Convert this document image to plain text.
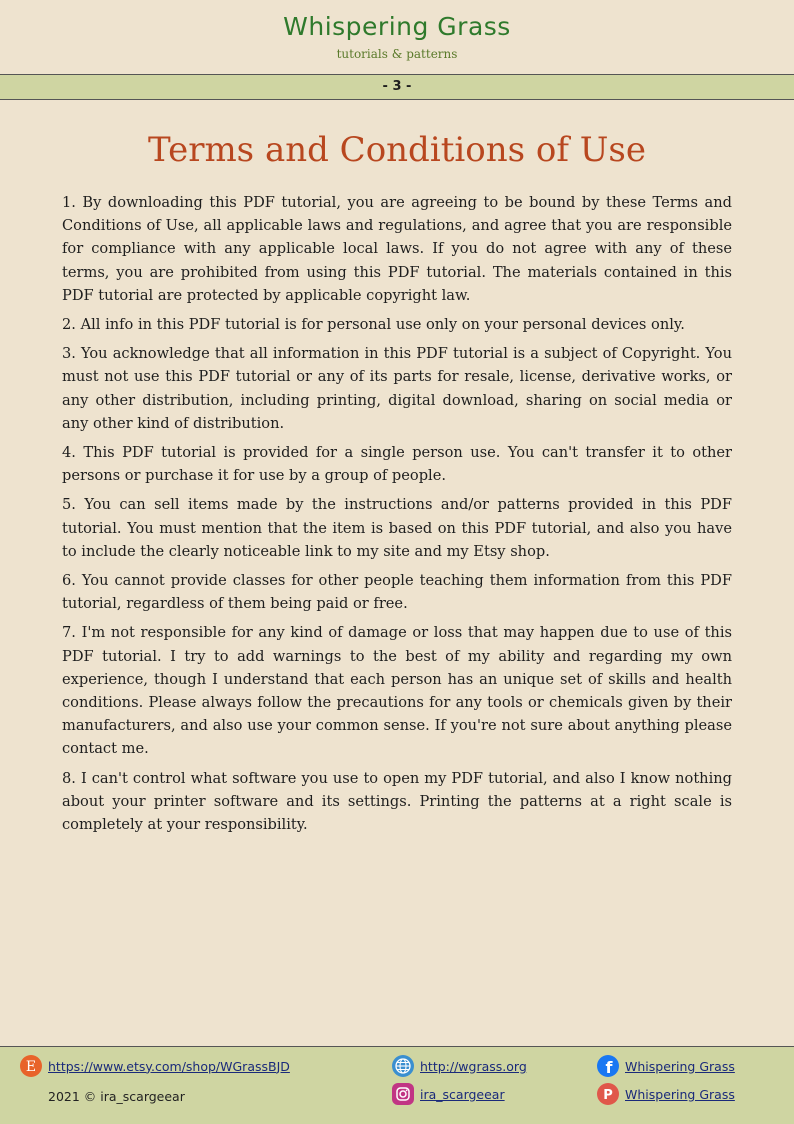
Whispering Grass
tutorials & patterns
- 3 -
Terms and Conditions of Use

1. By downloading this PDF tutorial, you are agreeing to be bound by these Terms and Conditions of Use, all applicable laws and regulations, and agree that you are responsible for compliance with any applicable local laws. If you do not agree with any of these terms, you are prohibited from using this PDF tutorial. The materials contained in this PDF tutorial are protected by applicable copyright law.

2. All info in this PDF tutorial is for personal use only on your personal devices only.

3. You acknowledge that all information in this PDF tutorial is a subject of Copyright. You must not use this PDF tutorial or any of its parts for resale, license, derivative works, or any other distribution, including printing, digital download, sharing on social media or any other kind of distribution.

4. This PDF tutorial is provided for a single person use. You can't transfer it to other persons or purchase it for use by a group of people.

5. You can sell items made by the instructions and/or patterns provided in this PDF tutorial. You must mention that the item is based on this PDF tutorial, and also you have to include the clearly noticeable link to my site and my Etsy shop.

6. You cannot provide classes for other people teaching them information from this PDF tutorial, regardless of them being paid or free.

7. I'm not responsible for any kind of damage or loss that may happen due to use of this PDF tutorial. I try to add warnings to the best of my ability and regarding my own experience, though I understand that each person has an unique set of skills and health conditions. Please always follow the precautions for any tools or chemicals given by their manufacturers, and also use your common sense. If you're not sure about anything please contact me.

8. I can't control what software you use to open my PDF tutorial, and also I know nothing about your printer software and its settings. Printing the patterns at a right scale is completely at your responsibility.

E https://www.etsy.com/shop/WGrassBJD
2021 © ira_scargeear
http://wgrass.org
ira_scargeear
f Whispering Grass
P Whispering Grass
